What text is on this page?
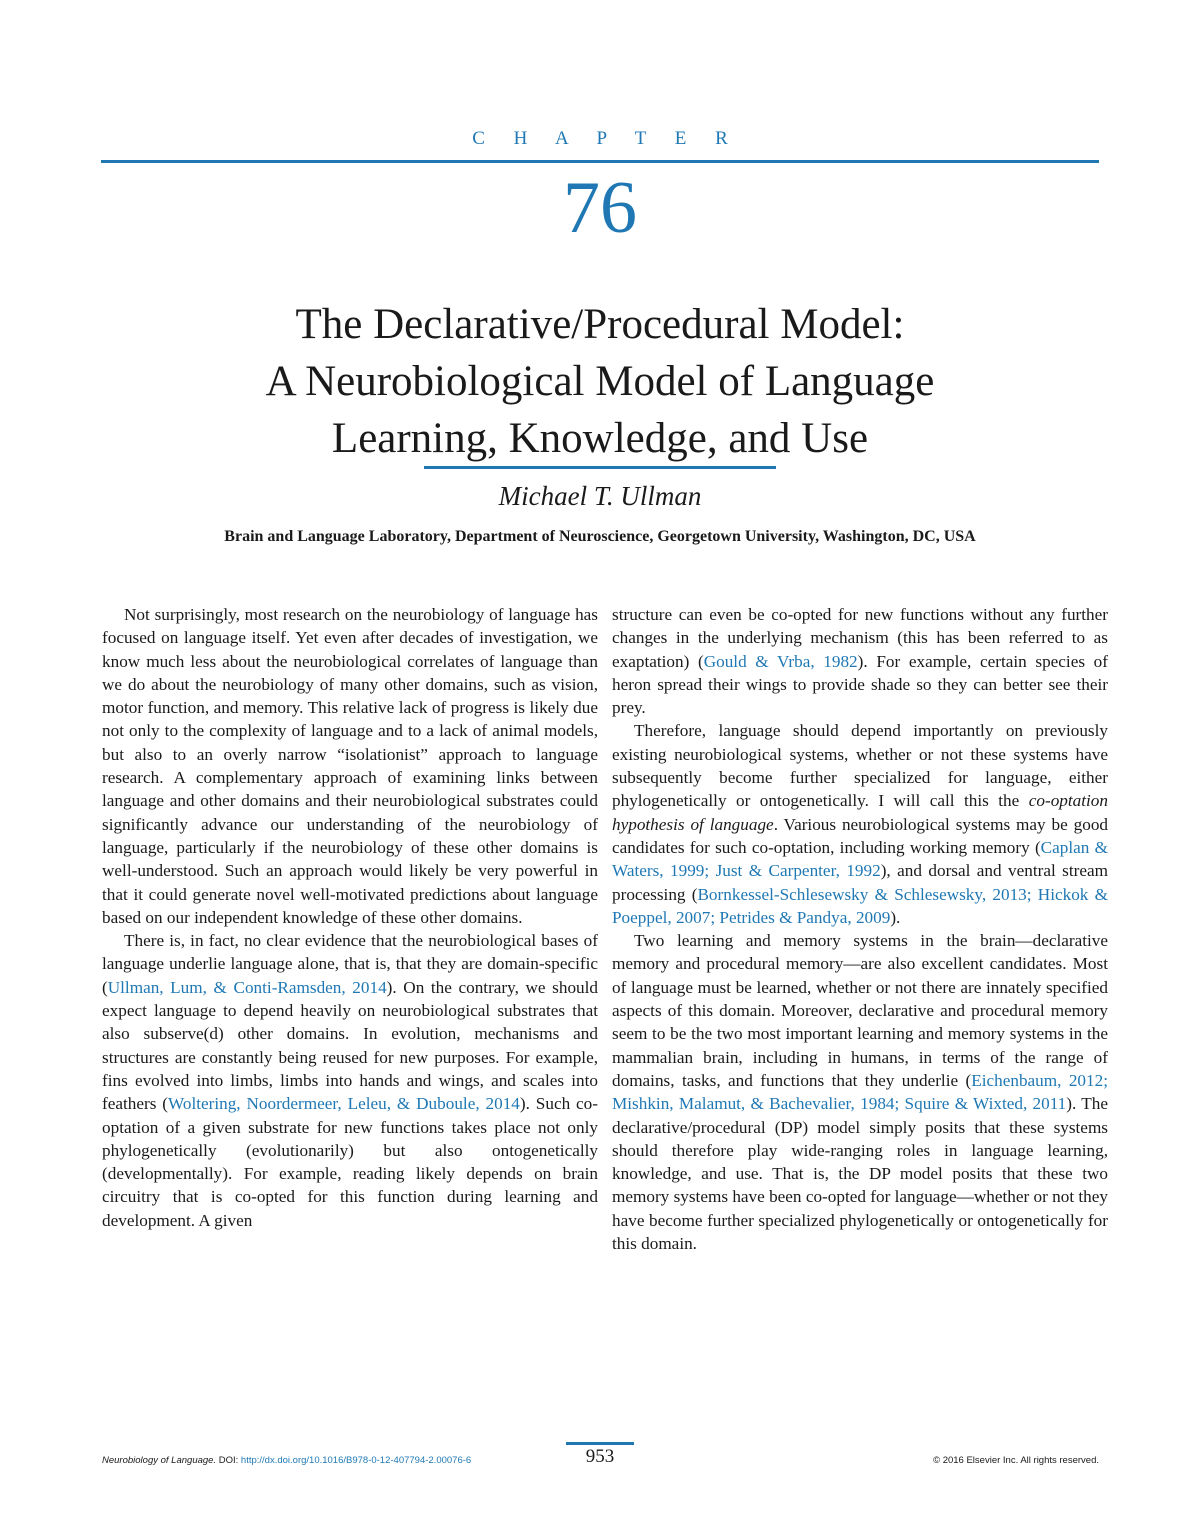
C H A P T E R
76
The Declarative/Procedural Model:
A Neurobiological Model of Language
Learning, Knowledge, and Use
Michael T. Ullman
Brain and Language Laboratory, Department of Neuroscience, Georgetown University, Washington, DC, USA

Not surprisingly, most research on the neurobiology of language has focused on language itself. Yet even after decades of investigation, we know much less about the neurobiological correlates of language than we do about the neurobiology of many other domains, such as vision, motor function, and memory. This relative lack of progress is likely due not only to the complexity of language and to a lack of animal models, but also to an overly narrow “isolationist” approach to language research. A complementary approach of examining links between language and other domains and their neurobiological substrates could significantly advance our understanding of the neurobiology of language, particularly if the neurobiology of these other domains is well-understood. Such an approach would likely be very powerful in that it could generate novel well-motivated predictions about language based on our independent knowledge of these other domains.

There is, in fact, no clear evidence that the neurobiological bases of language underlie language alone, that is, that they are domain-specific (Ullman, Lum, & Conti-Ramsden, 2014). On the contrary, we should expect language to depend heavily on neurobiological substrates that also subserve(d) other domains. In evolution, mechanisms and structures are constantly being reused for new purposes. For example, fins evolved into limbs, limbs into hands and wings, and scales into feathers (Woltering, Noordermeer, Leleu, & Duboule, 2014). Such co-optation of a given substrate for new functions takes place not only phylogenetically (evolutionarily) but also ontogenetically (developmentally). For example, reading likely depends on brain circuitry that is co-opted for this function during learning and development. A given

structure can even be co-opted for new functions without any further changes in the underlying mechanism (this has been referred to as exaptation) (Gould & Vrba, 1982). For example, certain species of heron spread their wings to provide shade so they can better see their prey.

Therefore, language should depend importantly on previously existing neurobiological systems, whether or not these systems have subsequently become further specialized for language, either phylogenetically or ontogenetically. I will call this the co-optation hypothesis of language. Various neurobiological systems may be good candidates for such co-optation, including working memory (Caplan & Waters, 1999; Just & Carpenter, 1992), and dorsal and ventral stream processing (Bornkessel-Schlesewsky & Schlesewsky, 2013; Hickok & Poeppel, 2007; Petrides & Pandya, 2009).

Two learning and memory systems in the brain—declarative memory and procedural memory—are also excellent candidates. Most of language must be learned, whether or not there are innately specified aspects of this domain. Moreover, declarative and procedural memory seem to be the two most important learning and memory systems in the mammalian brain, including in humans, in terms of the range of domains, tasks, and functions that they underlie (Eichenbaum, 2012; Mishkin, Malamut, & Bachevalier, 1984; Squire & Wixted, 2011). The declarative/procedural (DP) model simply posits that these systems should therefore play wide-ranging roles in language learning, knowledge, and use. That is, the DP model posits that these two memory systems have been co-opted for language—whether or not they have become further specialized phylogenetically or ontogenetically for this domain.

Neurobiology of Language. DOI: http://dx.doi.org/10.1016/B978-0-12-407794-2.00076-6	953	© 2016 Elsevier Inc. All rights reserved.
